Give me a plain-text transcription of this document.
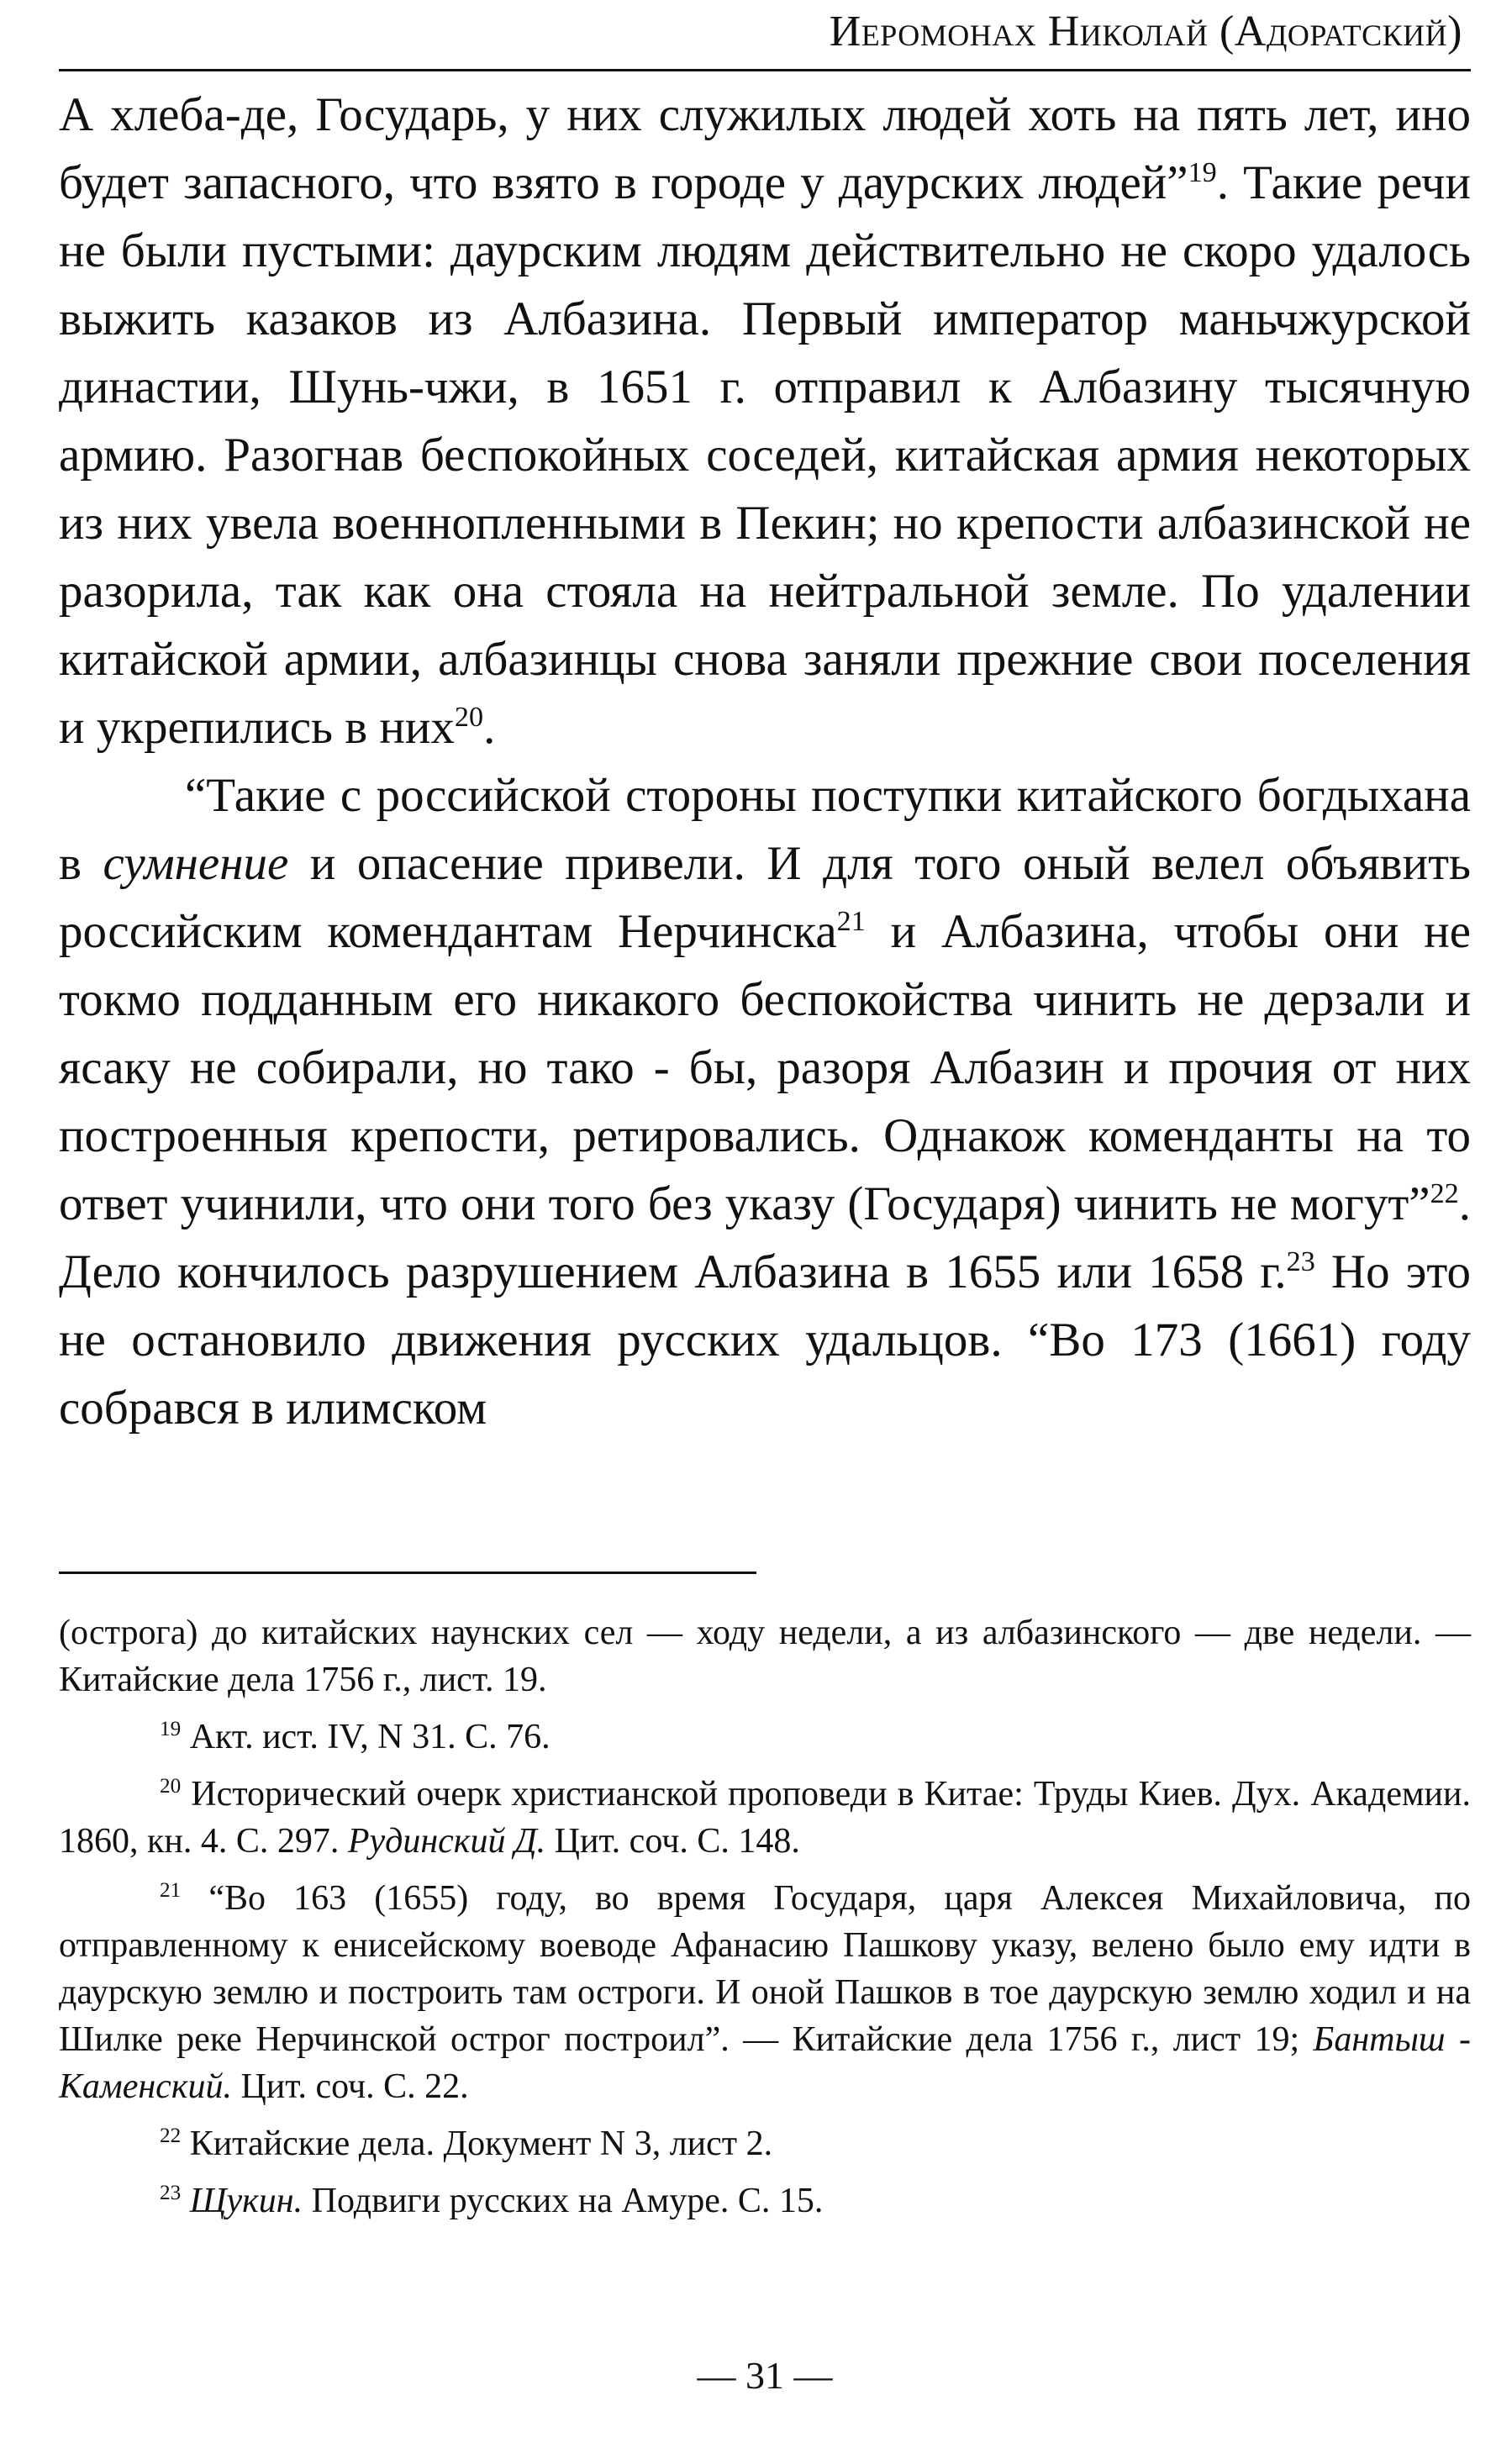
Иеромонах Николай (Адоратский)

А хлеба-де, Государь, у них служилых людей хоть на пять лет, ино будет запасного, что взято в городе у даурских людей”$^{19}$. Такие речи не были пустыми: даурским людям действительно не скоро удалось выжить казаков из Албазина. Первый император маньчжурской династии, Шунь-чжи, в 1651 г. отправил к Албазину тысячную армию. Разогнав беспокойных соседей, китайская армия некоторых из них увела военнопленными в Пекин; но крепости албазинской не разорила, так как она стояла на нейтральной земле. По удалении китайской армии, албазинцы снова заняли прежние свои поселения и укрепились в них$^{20}$.

“Такие с российской стороны поступки китайского богдыхана в сумнение и опасение привели. И для того оный велел объявить российским комендантам Нерчинска$^{21}$ и Албазина, чтобы они не токмо подданным его никакого беспокойства чинить не дерзали и ясаку не собирали, но тако - бы, разоря Албазин и прочия от них построенныя крепости, ретировались. Однакож коменданты на то ответ учинили, что они того без указу (Государя) чинить не могут”$^{22}$. Дело кончилось разрушением Албазина в 1655 или 1658 г.$^{23}$ Но это не остановило движения русских удальцов. “Во 173 (1661) году собрався в илимском

(острога) до китайских наунских сел — ходу недели, а из албазинского — две недели. — Китайские дела 1756 г., лист. 19.

$^{19}$ Акт. ист. IV, N 31. С. 76.

$^{20}$ Исторический очерк христианской проповеди в Китае: Труды Киев. Дух. Академии. 1860, кн. 4. С. 297. Рудинский Д. Цит. соч. С. 148.

$^{21}$ “Во 163 (1655) году, во время Государя, царя Алексея Михайловича, по отправленному к енисейскому воеводе Афанасию Пашкову указу, велено было ему идти в даурскую землю и построить там остроги. И оной Пашков в тое даурскую землю ходил и на Шилке реке Нерчинской острог построил”. — Китайские дела 1756 г., лист 19; Бантыш - Каменский. Цит. соч. С. 22.

$^{22}$ Китайские дела. Документ N 3, лист 2.

$^{23}$ Щукин. Подвиги русских на Амуре. С. 15.

— 31 —
